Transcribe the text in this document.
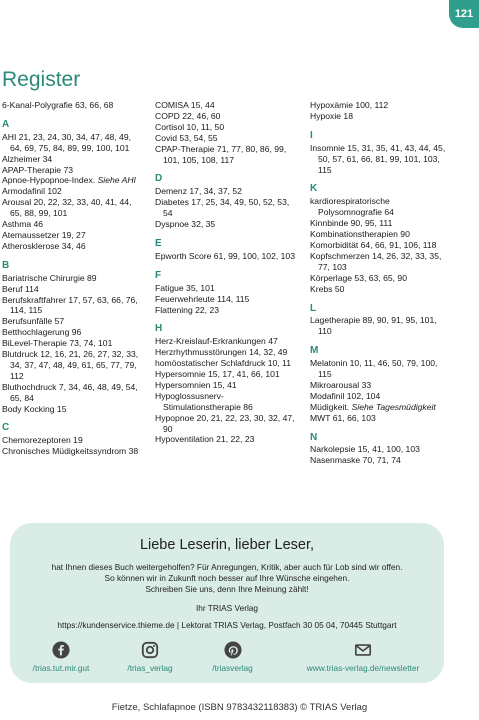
121
Register
6-Kanal-Polygrafie 63, 66, 68
A
AHI 21, 23, 24, 30, 34, 47, 48, 49, 64, 69, 75, 84, 89, 99, 100, 101
Alzheimer 34
APAP-Therapie 73
Apnoe-Hypopnoe-Index. Siehe AHI
Armodafinil 102
Arousal 20, 22, 32, 33, 40, 41, 44, 65, 88, 99, 101
Asthma 46
Atemaussetzer 19, 27
Atherosklerose 34, 46
B
Bariatrische Chirurgie 89
Beruf 114
Berufskraftfahrer 17, 57, 63, 66, 76, 114, 115
Berufsunfälle 57
Betthochlagerung 96
BiLevel-Therapie 73, 74, 101
Blutdruck 12, 16, 21, 26, 27, 32, 33, 34, 37, 47, 48, 49, 61, 65, 77, 79, 112
Bluthochdruck 7, 34, 46, 48, 49, 54, 65, 84
Body Kocking 15
C
Chemorezeptoren 19
Chronisches Müdigkeitssyndrom 38
COMISA 15, 44
COPD 22, 46, 60
Cortisol 10, 11, 50
Covid 53, 54, 55
CPAP-Therapie 71, 77, 80, 86, 99, 101, 105, 108, 117
D
Demenz 17, 34, 37, 52
Diabetes 17, 25, 34, 49, 50, 52, 53, 54
Dyspnoe 32, 35
E
Epworth Score 61, 99, 100, 102, 103
F
Fatigue 35, 101
Feuerwehrleute 114, 115
Flattening 22, 23
H
Herz-Kreislauf-Erkrankungen 47
Herzrhythmusstörungen 14, 32, 49
homöostatischer Schlafdruck 10, 11
Hypersomnie 15, 17, 41, 66, 101
Hypersomnien 15, 41
Hypoglossusnerv-Stimulationstherapie 86
Hypopnoe 20, 21, 22, 23, 30, 32, 47, 90
Hypoventilation 21, 22, 23
Hypoxämie 100, 112
Hypoxie 18
I
Insomnie 15, 31, 35, 41, 43, 44, 45, 50, 57, 61, 66, 81, 99, 101, 103, 115
K
kardiorespiratorische Polysomnografie 64
Kinnbinde 90, 95, 111
Kombinationstherapien 90
Komorbidität 64, 66, 91, 106, 118
Kopfschmerzen 14, 26, 32, 33, 35, 77, 103
Körperlage 53, 63, 65, 90
Krebs 50
L
Lagetherapie 89, 90, 91, 95, 101, 110
M
Melatonin 10, 11, 46, 50, 79, 100, 115
Mikroarousal 33
Modafinil 102, 104
Müdigkeit. Siehe Tagesmüdigkeit
MWT 61, 66, 103
N
Narkolepsie 15, 41, 100, 103
Nasenmaske 70, 71, 74
Liebe Leserin, lieber Leser,
hat Ihnen dieses Buch weitergeholfen? Für Anregungen, Kritik, aber auch für Lob sind wir offen.
So können wir in Zukunft noch besser auf Ihre Wünsche eingehen.
Schreiben Sie uns, denn Ihre Meinung zählt!
Ihr TRIAS Verlag
https://kundenservice.thieme.de | Lektorat TRIAS Verlag, Postfach 30 05 04, 70445 Stuttgart
/trias.tut.mir.gut	/trias_verlag	/triasverlag	www.trias-verlag.de/newsletter
Fietze, Schlafapnoe (ISBN 9783432118383) © TRIAS Verlag
